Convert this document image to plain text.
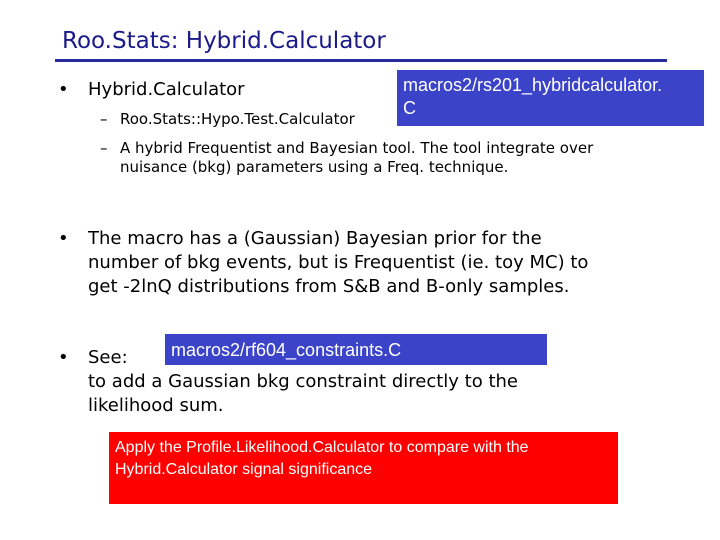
Roo.Stats: Hybrid.Calculator
• Hybrid.Calculator
– Roo.Stats::Hypo.Test.Calculator
– A hybrid Frequentist and Bayesian tool. The tool integrate over
nuisance (bkg) parameters using a Freq. technique.
macros2/rs201_hybridcalculator.
C
• The macro has a (Gaussian) Bayesian prior for the
number of bkg events, but is Frequentist (ie. toy MC) to
get -2lnQ distributions from S&B and B-only samples.
• See: macros2/rf604_constraints.C
to add a Gaussian bkg constraint directly to the
likelihood sum.
Apply the Profile.Likelihood.Calculator to compare with the
Hybrid.Calculator signal significance
